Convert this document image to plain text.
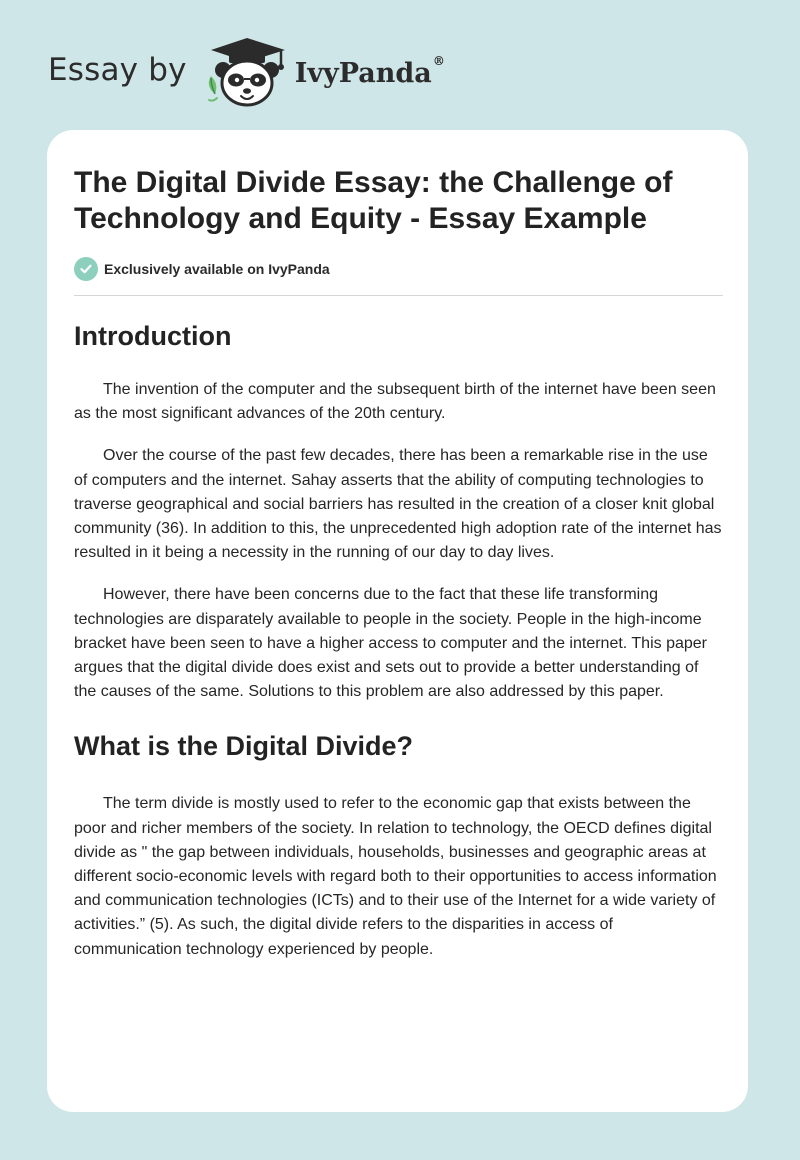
Essay by	IvyPanda®
The Digital Divide Essay: the Challenge of Technology and Equity - Essay Example
Exclusively available on IvyPanda
Introduction

The invention of the computer and the subsequent birth of the internet have been seen as the most significant advances of the 20th century.

Over the course of the past few decades, there has been a remarkable rise in the use of computers and the internet. Sahay asserts that the ability of computing technologies to traverse geographical and social barriers has resulted in the creation of a closer knit global community (36). In addition to this, the unprecedented high adoption rate of the internet has resulted in it being a necessity in the running of our day to day lives.

However, there have been concerns due to the fact that these life transforming technologies are disparately available to people in the society. People in the high-income bracket have been seen to have a higher access to computer and the internet. This paper argues that the digital divide does exist and sets out to provide a better understanding of the causes of the same. Solutions to this problem are also addressed by this paper.

What is the Digital Divide?

The term divide is mostly used to refer to the economic gap that exists between the poor and richer members of the society. In relation to technology, the OECD defines digital divide as " the gap between individuals, households, businesses and geographic areas at different socio-economic levels with regard both to their opportunities to access information and communication technologies (ICTs) and to their use of the Internet for a wide variety of activities.” (5). As such, the digital divide refers to the disparities in access of communication technology experienced by people.
